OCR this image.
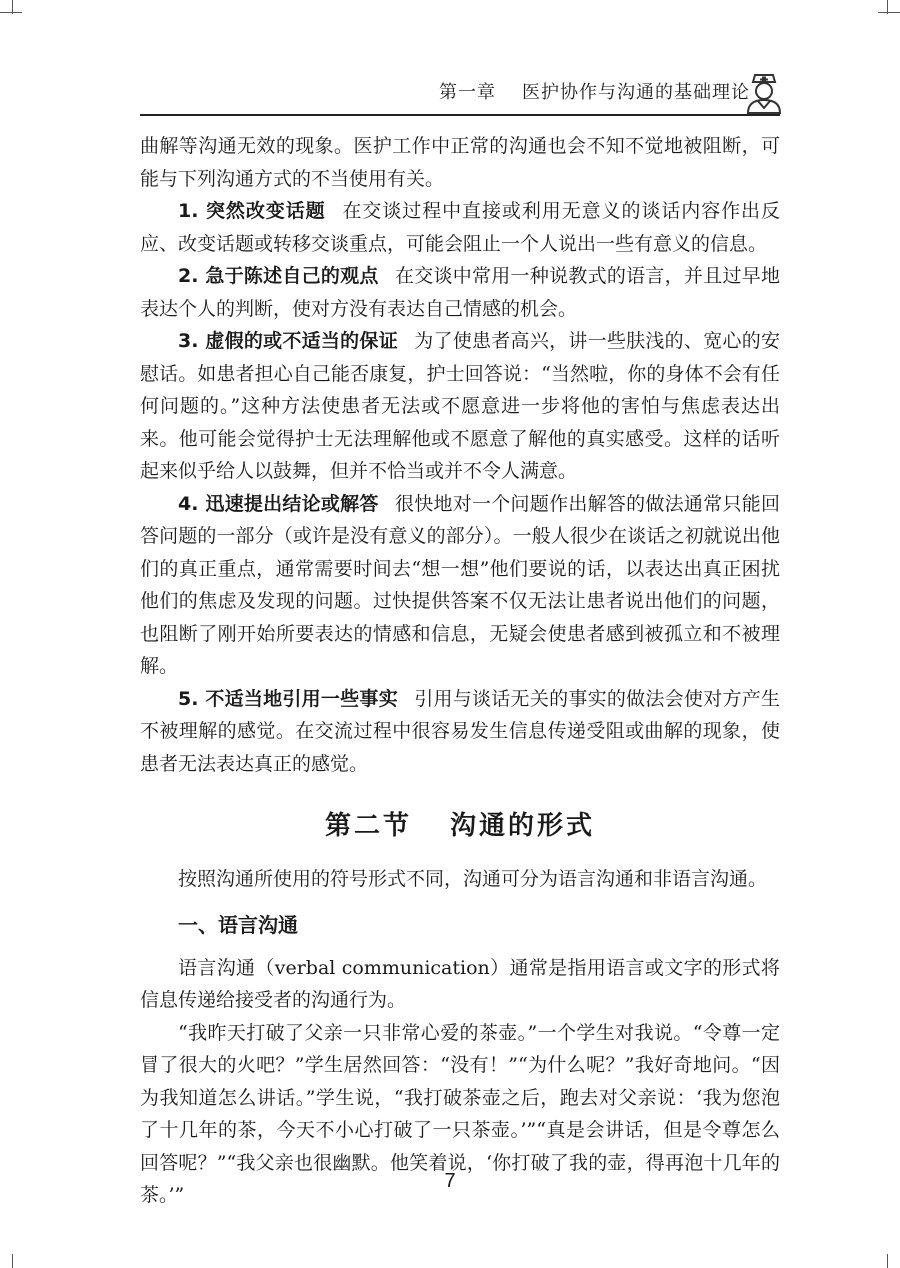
第一章 医护协作与沟通的基础理论

曲解等沟通无效的现象。医护工作中正常的沟通也会不知不觉地被阻断，可能与下列沟通方式的不当使用有关。

1. 突然改变话题 在交谈过程中直接或利用无意义的谈话内容作出反应、改变话题或转移交谈重点，可能会阻止一个人说出一些有意义的信息。

2. 急于陈述自己的观点 在交谈中常用一种说教式的语言，并且过早地表达个人的判断，使对方没有表达自己情感的机会。

3. 虚假的或不适当的保证 为了使患者高兴，讲一些肤浅的、宽心的安慰话。如患者担心自己能否康复，护士回答说：“当然啦，你的身体不会有任何问题的。”这种方法使患者无法或不愿意进一步将他的害怕与焦虑表达出来。他可能会觉得护士无法理解他或不愿意了解他的真实感受。这样的话听起来似乎给人以鼓舞，但并不恰当或并不令人满意。

4. 迅速提出结论或解答 很快地对一个问题作出解答的做法通常只能回答问题的一部分（或许是没有意义的部分）。一般人很少在谈话之初就说出他们的真正重点，通常需要时间去“想一想”他们要说的话，以表达出真正困扰他们的焦虑及发现的问题。过快提供答案不仅无法让患者说出他们的问题，也阻断了刚开始所要表达的情感和信息，无疑会使患者感到被孤立和不被理解。

5. 不适当地引用一些事实 引用与谈话无关的事实的做法会使对方产生不被理解的感觉。在交流过程中很容易发生信息传递受阻或曲解的现象，使患者无法表达真正的感觉。

第二节 沟通的形式

按照沟通所使用的符号形式不同，沟通可分为语言沟通和非语言沟通。

一、语言沟通

语言沟通（verbal communication）通常是指用语言或文字的形式将信息传递给接受者的沟通行为。

“我昨天打破了父亲一只非常心爱的茶壶。”一个学生对我说。“令尊一定冒了很大的火吧？”学生居然回答：“没有！”“为什么呢？”我好奇地问。“因为我知道怎么讲话。”学生说，“我打破茶壶之后，跑去对父亲说：‘我为您泡了十几年的茶，今天不小心打破了一只茶壶。’”“真是会讲话，但是令尊怎么回答呢？”“我父亲也很幽默。他笑着说，‘你打破了我的壶，得再泡十几年的茶。’”

7
